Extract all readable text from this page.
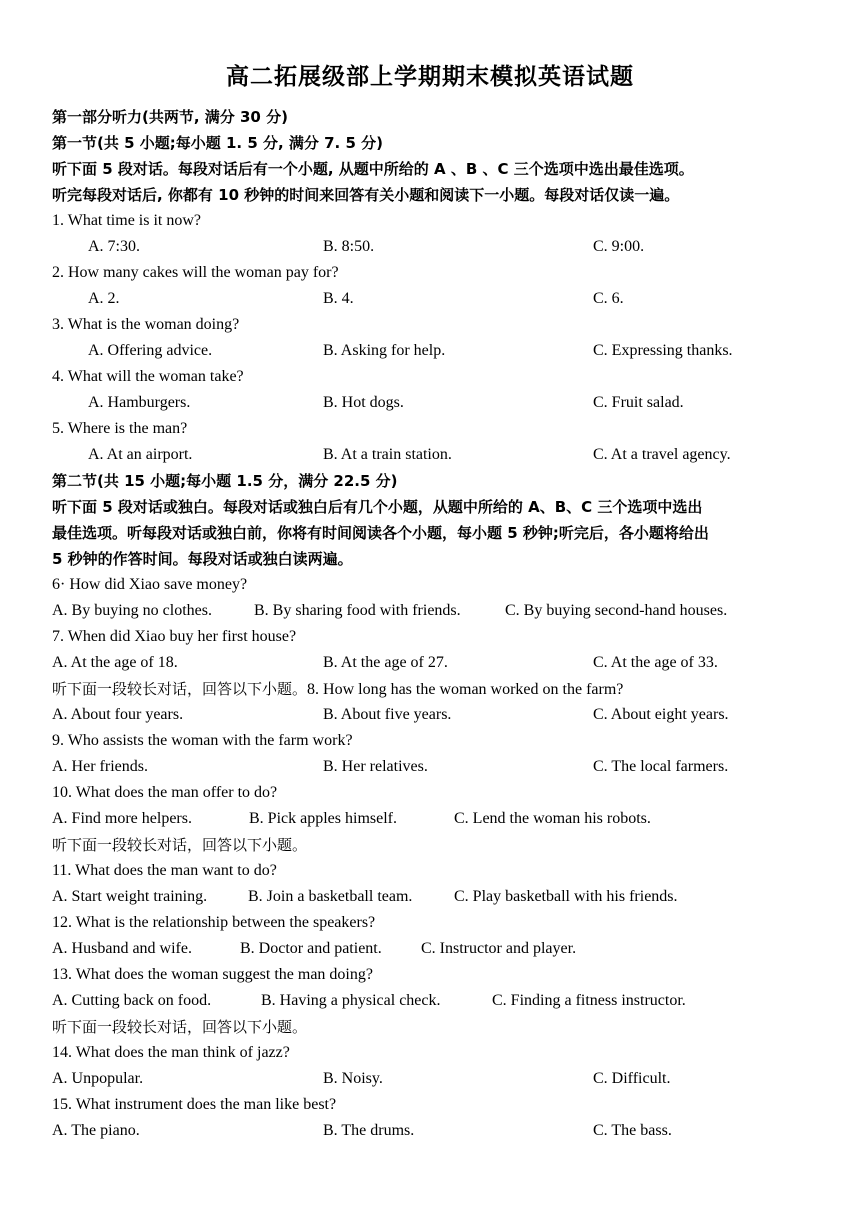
高二拓展级部上学期期末模拟英语试题
第一部分听力(共两节, 满分 30 分)
第一节(共 5 小题;每小题 1. 5 分, 满分 7. 5 分)
听下面 5 段对话。每段对话后有一个小题, 从题中所给的 A 、B 、C 三个选项中选出最佳选项。
听完每段对话后, 你都有 10 秒钟的时间来回答有关小题和阅读下一小题。每段对话仅读一遍。
1. What time is it now?
A. 7:30.	B. 8:50.	C. 9:00.
2. How many cakes will the woman pay for?
A. 2.	B. 4.	C. 6.
3. What is the woman doing?
A. Offering advice.	B. Asking for help.	C. Expressing thanks.
4. What will the woman take?
A. Hamburgers.	B. Hot dogs.	C. Fruit salad.
5. Where is the man?
A. At an airport.	B. At a train station.	C. At a travel agency.
第二节(共 15 小题;每小题 1.5 分，满分 22.5 分)
听下面 5 段对话或独白。每段对话或独白后有几个小题，从题中所给的 A、B、C 三个选项中选出
最佳选项。听每段对话或独白前，你将有时间阅读各个小题，每小题 5 秒钟;听完后，各小题将给出
5 秒钟的作答时间。每段对话或独白读两遍。
6· How did Xiao save money?
A. By buying no clothes.	B. By sharing food with friends.	C. By buying second-hand houses.
7. When did Xiao buy her first house?
A. At the age of 18.	B. At the age of 27.	C. At the age of 33.
听下面一段较长对话，回答以下小题。8. How long has the woman worked on the farm?
A. About four years.	B. About five years.	C. About eight years.
9. Who assists the woman with the farm work?
A. Her friends.	B. Her relatives.	C. The local farmers.
10. What does the man offer to do?
A. Find more helpers.	B. Pick apples himself.	C. Lend the woman his robots.
听下面一段较长对话，回答以下小题。
11. What does the man want to do?
A. Start weight training.	B. Join a basketball team.	C. Play basketball with his friends.
12. What is the relationship between the speakers?
A. Husband and wife.	B. Doctor and patient. C. Instructor and player.
13. What does the woman suggest the man doing?
A. Cutting back on food.	B. Having a physical check.	C. Finding a fitness instructor.
听下面一段较长对话，回答以下小题。
14. What does the man think of jazz?
A. Unpopular.	B. Noisy.	C. Difficult.
15. What instrument does the man like best?
A. The piano.	B. The drums.	C. The bass.
